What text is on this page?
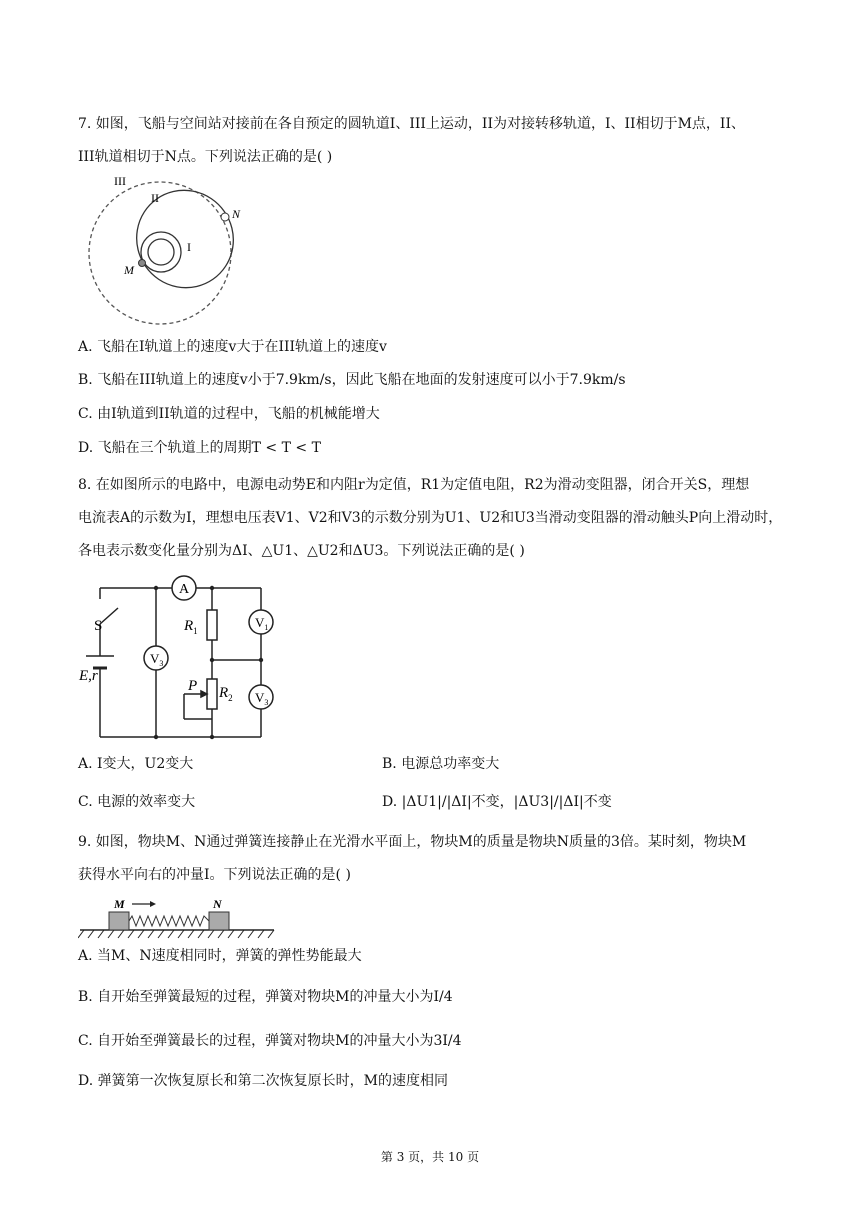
7. 如图，飞船与空间站对接前在各自预定的圆轨道I、III上运动，II为对接转移轨道，I、II相切于M点，II、
III轨道相切于N点。下列说法正确的是( )
III
II
I
M
N
A. 飞船在I轨道上的速度v大于在III轨道上的速度v
B. 飞船在III轨道上的速度v小于7.9km/s，因此飞船在地面的发射速度可以小于7.9km/s
C. 由I轨道到II轨道的过程中，飞船的机械能增大
D. 飞船在三个轨道上的周期T < T < T
8. 在如图所示的电路中，电源电动势E和内阻r为定值，R1为定值电阻，R2为滑动变阻器，闭合开关S，理想
电流表A的示数为I，理想电压表V1、V2和V3的示数分别为U1、U2和U3当滑动变阻器的滑动触头P向上滑动时，
各电表示数变化量分别为ΔI、△U1、△U2和ΔU3。下列说法正确的是( )
A
$V_3$
$V_1$
$V_3$
$R_1$
$R_2$
S
P
E,r
A. I变大，U2变大	B. 电源总功率变大
C. 电源的效率变大	D. |ΔU1|/|ΔI|不变，|ΔU3|/|ΔI|不变
9. 如图，物块M、N通过弹簧连接静止在光滑水平面上，物块M的质量是物块N质量的3倍。某时刻，物块M
获得水平向右的冲量I。下列说法正确的是( )
M	N
A. 当M、N速度相同时，弹簧的弹性势能最大
B. 自开始至弹簧最短的过程，弹簧对物块M的冲量大小为I/4
C. 自开始至弹簧最长的过程，弹簧对物块M的冲量大小为3I/4
D. 弹簧第一次恢复原长和第二次恢复原长时，M的速度相同
第 3 页，共 10 页
